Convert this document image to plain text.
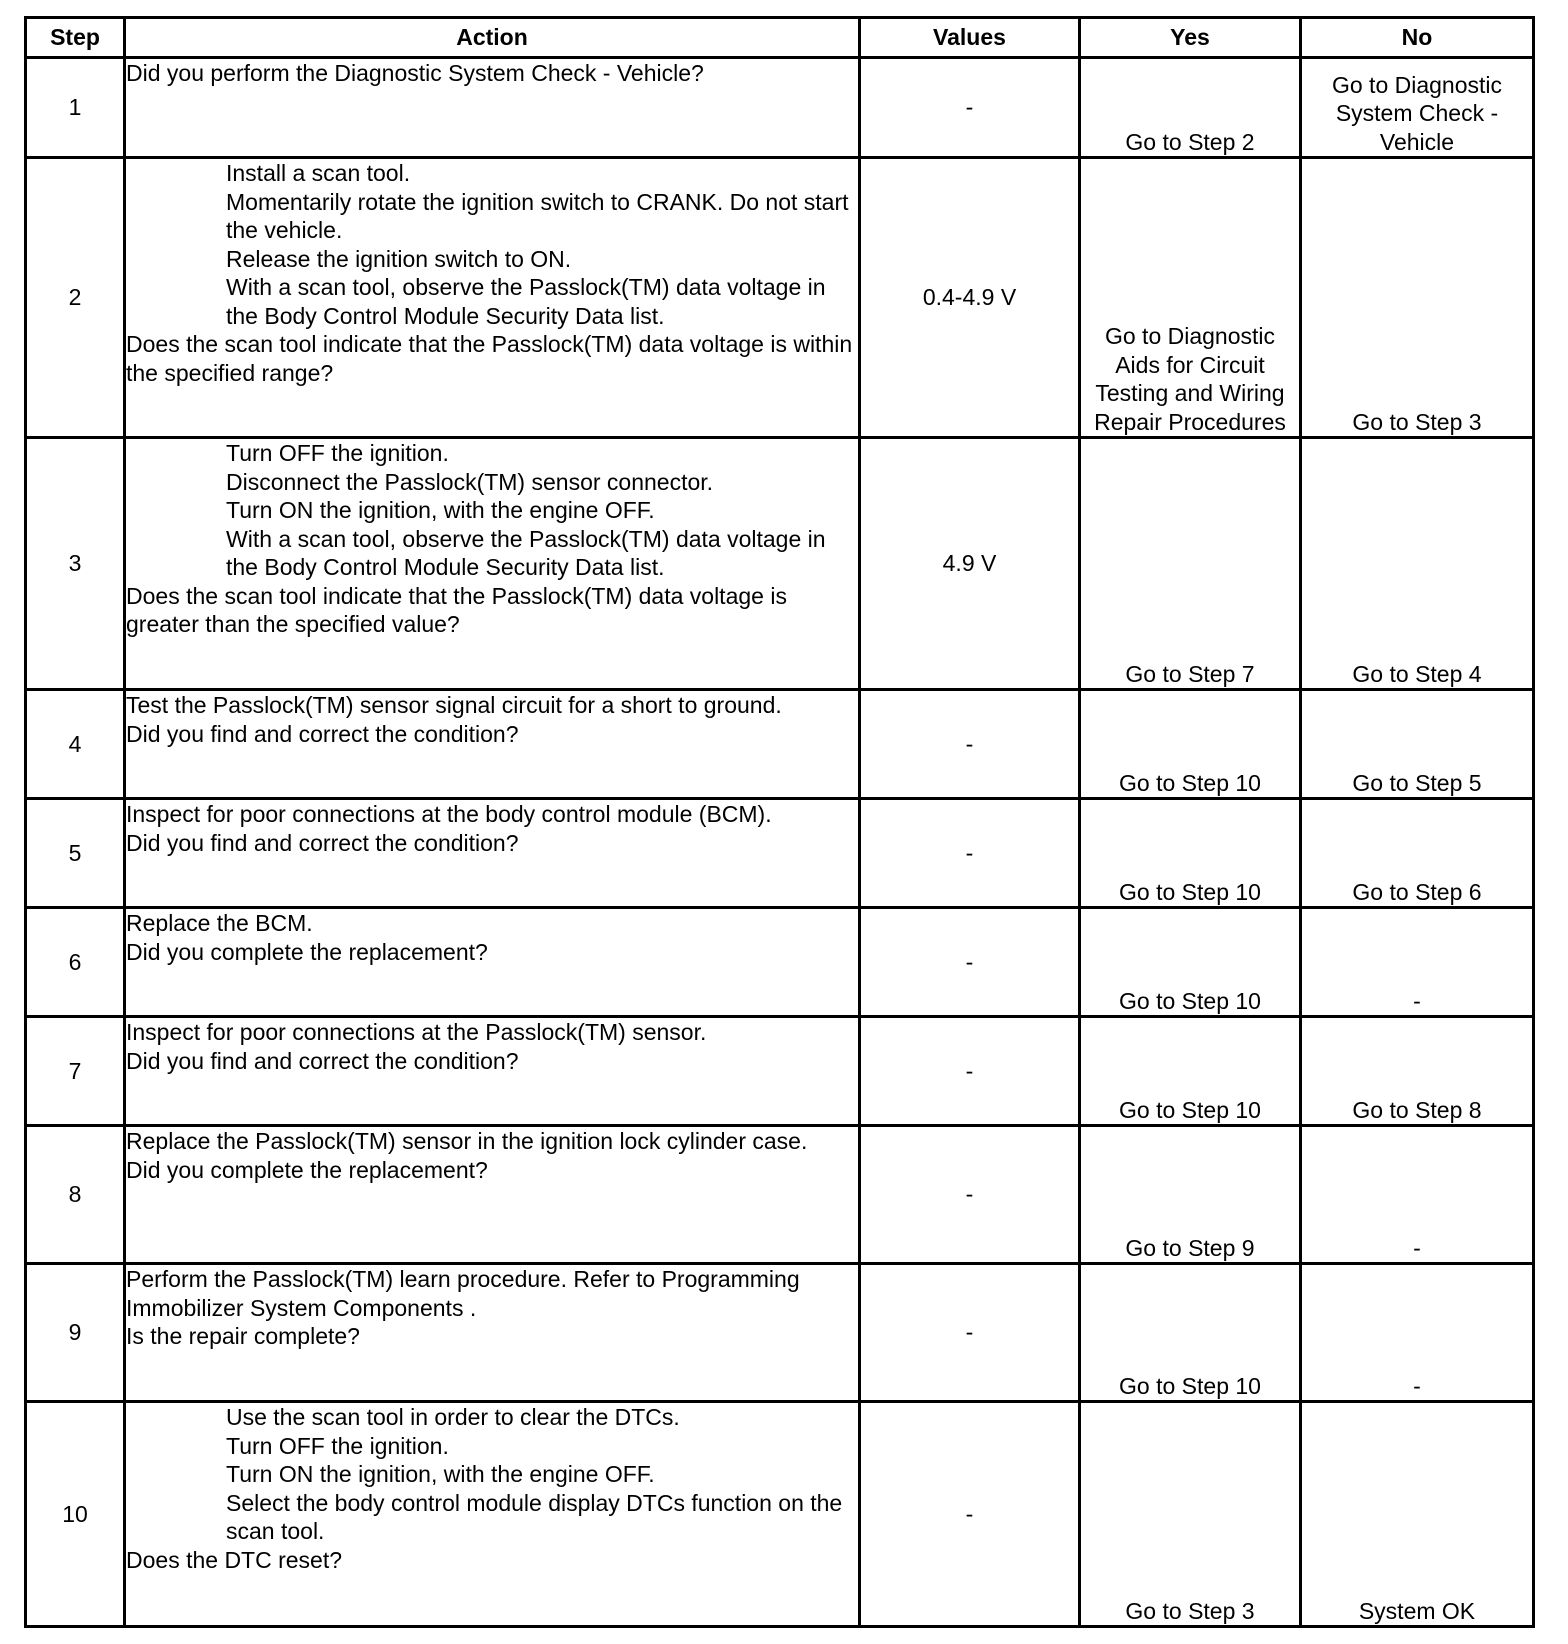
Step	Action	Values	Yes	No
1	Did you perform the Diagnostic System Check - Vehicle?	-	Go to Step 2	Go to Diagnostic System Check - Vehicle
2	Install a scan tool.
Momentarily rotate the ignition switch to CRANK. Do not start the vehicle.
Release the ignition switch to ON.
With a scan tool, observe the Passlock(TM) data voltage in the Body Control Module Security Data list.
Does the scan tool indicate that the Passlock(TM) data voltage is within the specified range?	0.4-4.9 V	Go to Diagnostic Aids for Circuit Testing and Wiring Repair Procedures	Go to Step 3
3	Turn OFF the ignition.
Disconnect the Passlock(TM) sensor connector.
Turn ON the ignition, with the engine OFF.
With a scan tool, observe the Passlock(TM) data voltage in the Body Control Module Security Data list.
Does the scan tool indicate that the Passlock(TM) data voltage is greater than the specified value?	4.9 V	Go to Step 7	Go to Step 4
4	Test the Passlock(TM) sensor signal circuit for a short to ground.
Did you find and correct the condition?	-	Go to Step 10	Go to Step 5
5	Inspect for poor connections at the body control module (BCM).
Did you find and correct the condition?	-	Go to Step 10	Go to Step 6
6	Replace the BCM.
Did you complete the replacement?	-	Go to Step 10	-
7	Inspect for poor connections at the Passlock(TM) sensor.
Did you find and correct the condition?	-	Go to Step 10	Go to Step 8
8	Replace the Passlock(TM) sensor in the ignition lock cylinder case.
Did you complete the replacement?	-	Go to Step 9	-
9	Perform the Passlock(TM) learn procedure. Refer to Programming Immobilizer System Components .
Is the repair complete?	-	Go to Step 10	-
10	Use the scan tool in order to clear the DTCs.
Turn OFF the ignition.
Turn ON the ignition, with the engine OFF.
Select the body control module display DTCs function on the scan tool.
Does the DTC reset?	-	Go to Step 3	System OK
